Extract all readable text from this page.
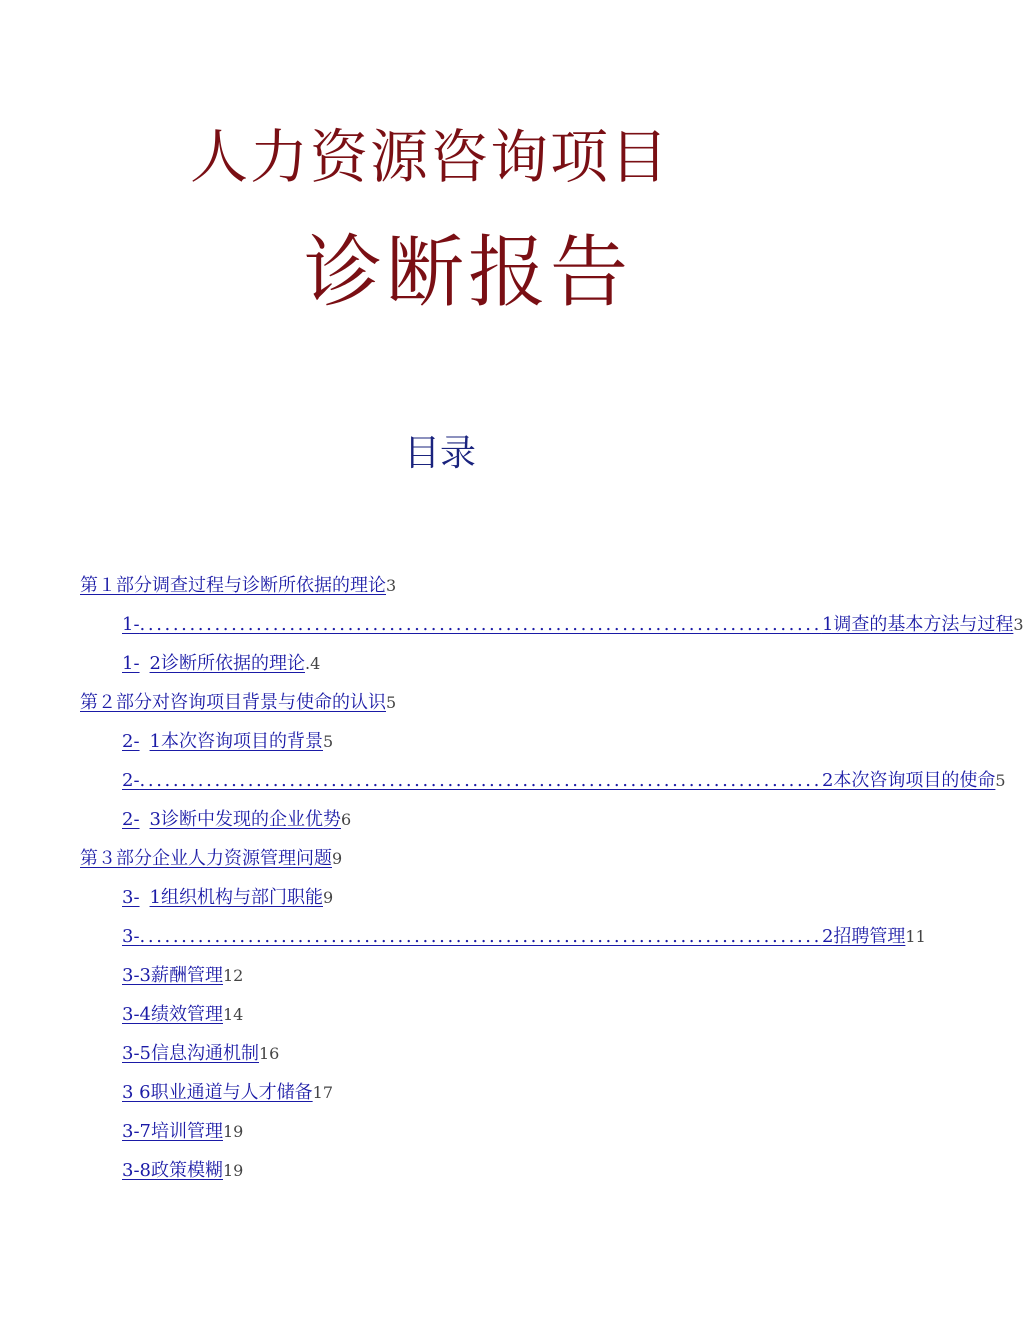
人力资源咨询项目
诊断报告
目录
第１部分调查过程与诊断所依据的理论 3
1- .................................................................................. 1调查的基本方法与过程 3
1- 2诊断所依据的理论 .4
第２部分对咨询项目背景与使命的认识 5
2- 1本次咨询项目的背景 5
2- .................................................................................. 2本次咨询项目的使命 5
2- 3诊断中发现的企业优势 6
第３部分企业人力资源管理问题 9
3- 1组织机构与部门职能 9
3- .................................................................................. 2招聘管理 11
3-3薪酬管理 12
3-4绩效管理 14
3-5信息沟通机制 16
3 6职业通道与人才储备 17
3-7培训管理 19
3-8政策模糊 19
